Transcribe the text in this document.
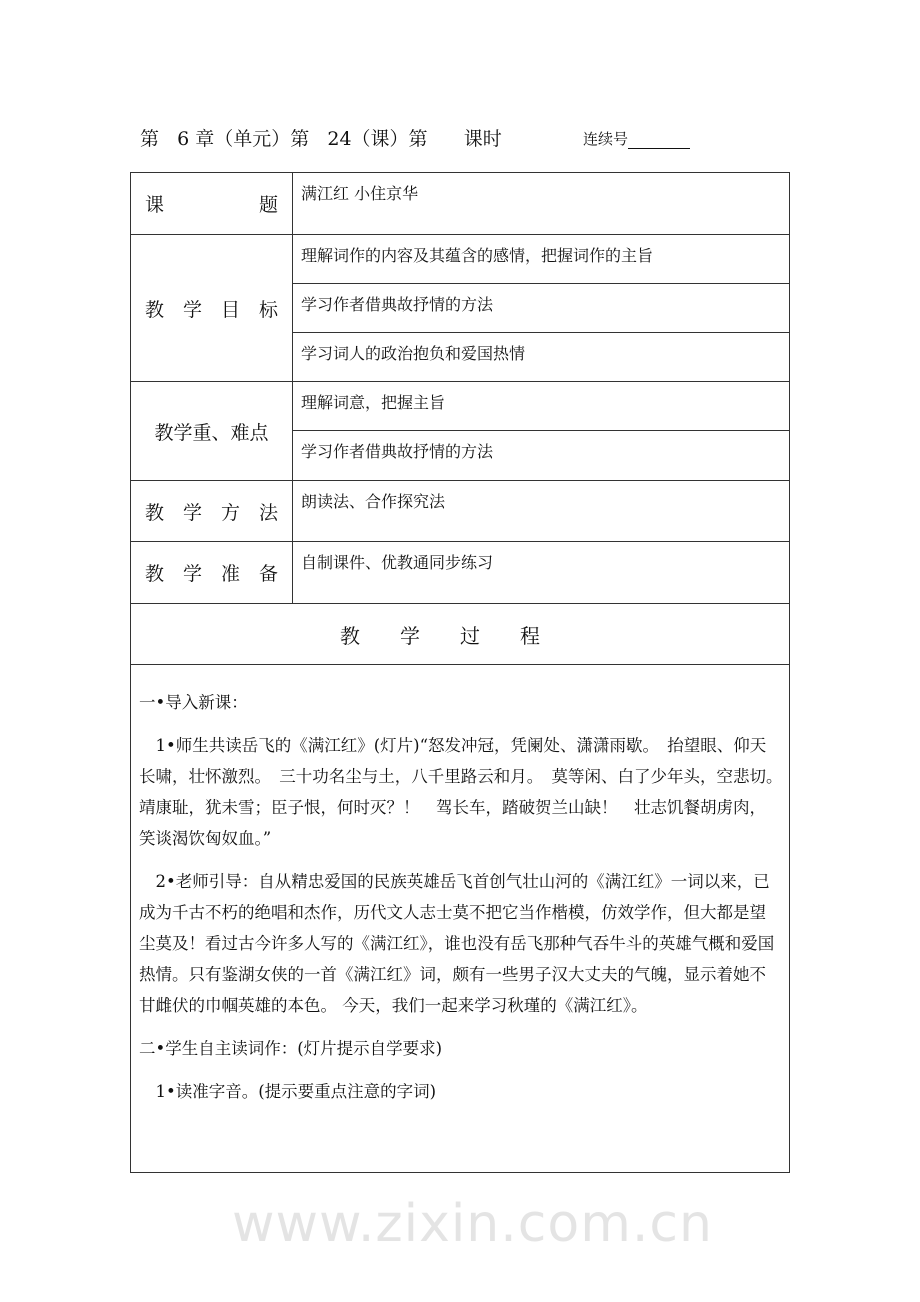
第   6 章（单元）第   24（课）第      课时	连续号
课题	满江红 小住京华
教 学 目 标	理解词作的内容及其蕴含的感情，把握词作的主旨
	学习作者借典故抒情的方法
	学习词人的政治抱负和爱国热情
教学重、难点	理解词意，把握主旨
	学习作者借典故抒情的方法
教 学 方 法	朗读法、合作探究法
教 学 准 备	自制课件、优教通同步练习
教学过程	

一•导入新课：

1•师生共读岳飞的《满江红》(灯片)“怒发冲冠，凭阑处、潇潇雨歇。　抬望眼、仰天长啸，壮怀激烈。　三十功名尘与土，八千里路云和月。　莫等闲、白了少年头，空悲切。　靖康耻，犹未雪；臣子恨，何时灭？！　驾长车，踏破贺兰山缺！　壮志饥餐胡虏肉，笑谈渴饮匈奴血。”

2•老师引导：自从精忠爱国的民族英雄岳飞首创气壮山河的《满江红》一词以来，已成为千古不朽的绝唱和杰作，历代文人志士莫不把它当作楷模，仿效学作，但大都是望尘莫及！看过古今许多人写的《满江红》，谁也没有岳飞那种气吞牛斗的英雄气概和爱国热情。只有鉴湖女侠的一首《满江红》词，颇有一些男子汉大丈夫的气魄，显示着她不甘雌伏的巾帼英雄的本色。 今天，我们一起来学习秋瑾的《满江红》。

二•学生自主读词作：(灯片提示自学要求)

1•读准字音。(提示要重点注意的字词)	

www.zixin.com.cn
